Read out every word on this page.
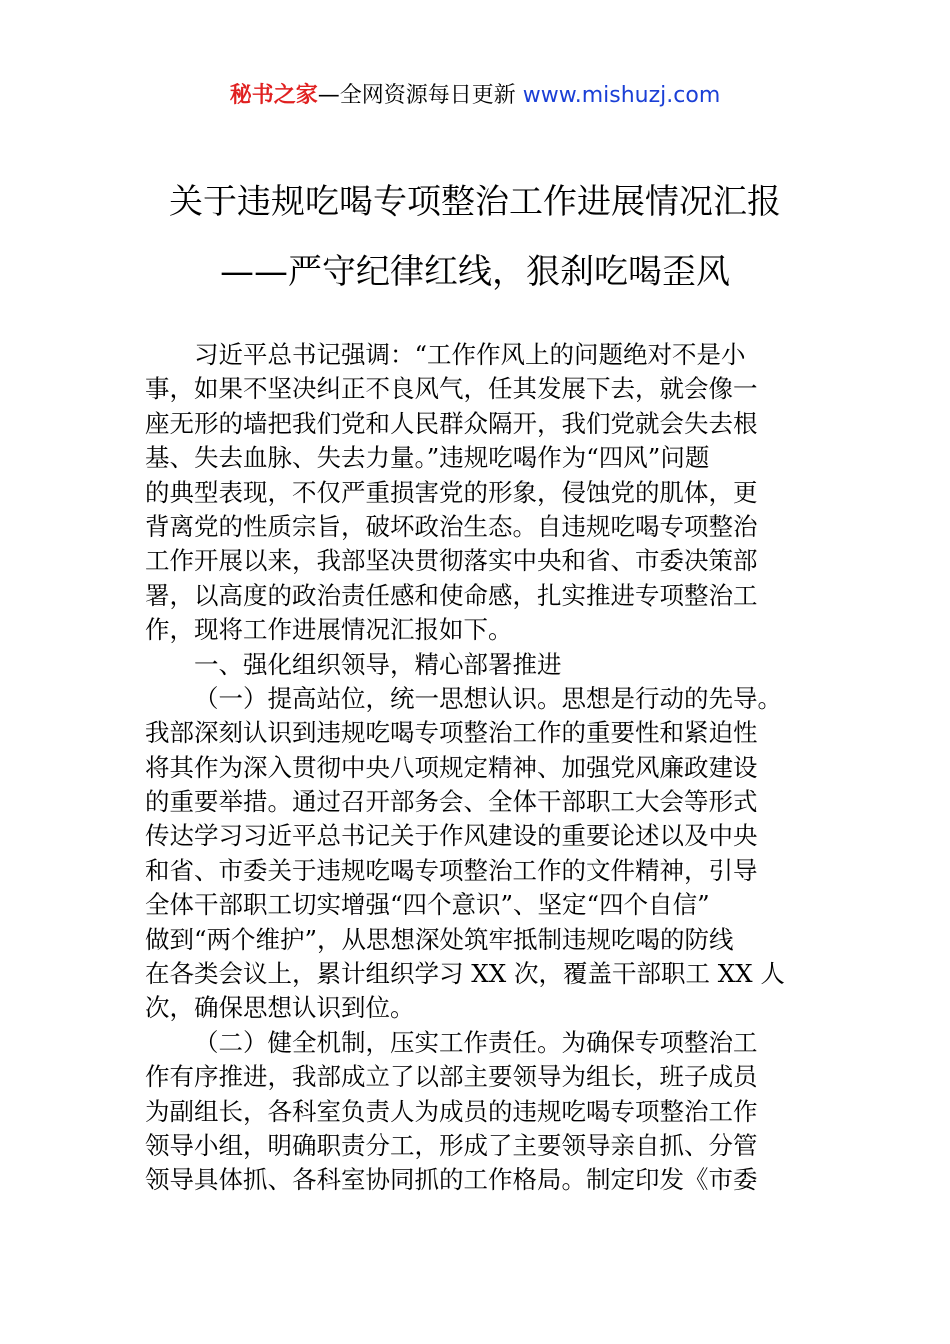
秘书之家—全网资源每日更新 www.mishuzj.com
关于违规吃喝专项整治工作进展情况汇报
——严守纪律红线，狠刹吃喝歪风
习近平总书记强调：“工作作风上的问题绝对不是小
事，如果不坚决纠正不良风气，任其发展下去，就会像一
座无形的墙把我们党和人民群众隔开，我们党就会失去根
基、失去血脉、失去力量。”违规吃喝作为“四风”问题
的典型表现，不仅严重损害党的形象，侵蚀党的肌体，更
背离党的性质宗旨，破坏政治生态。自违规吃喝专项整治
工作开展以来，我部坚决贯彻落实中央和省、市委决策部
署，以高度的政治责任感和使命感，扎实推进专项整治工
作，现将工作进展情况汇报如下。
一、强化组织领导，精心部署推进
（一）提高站位，统一思想认识。思想是行动的先导。
我部深刻认识到违规吃喝专项整治工作的重要性和紧迫性
将其作为深入贯彻中央八项规定精神、加强党风廉政建设
的重要举措。通过召开部务会、全体干部职工大会等形式
传达学习习近平总书记关于作风建设的重要论述以及中央
和省、市委关于违规吃喝专项整治工作的文件精神，引导
全体干部职工切实增强“四个意识”、坚定“四个自信”
做到“两个维护”，从思想深处筑牢抵制违规吃喝的防线
在各类会议上，累计组织学习 XX 次，覆盖干部职工 XX 人
次，确保思想认识到位。
（二）健全机制，压实工作责任。为确保专项整治工
作有序推进，我部成立了以部主要领导为组长，班子成员
为副组长，各科室负责人为成员的违规吃喝专项整治工作
领导小组，明确职责分工，形成了主要领导亲自抓、分管
领导具体抓、各科室协同抓的工作格局。制定印发《市委
